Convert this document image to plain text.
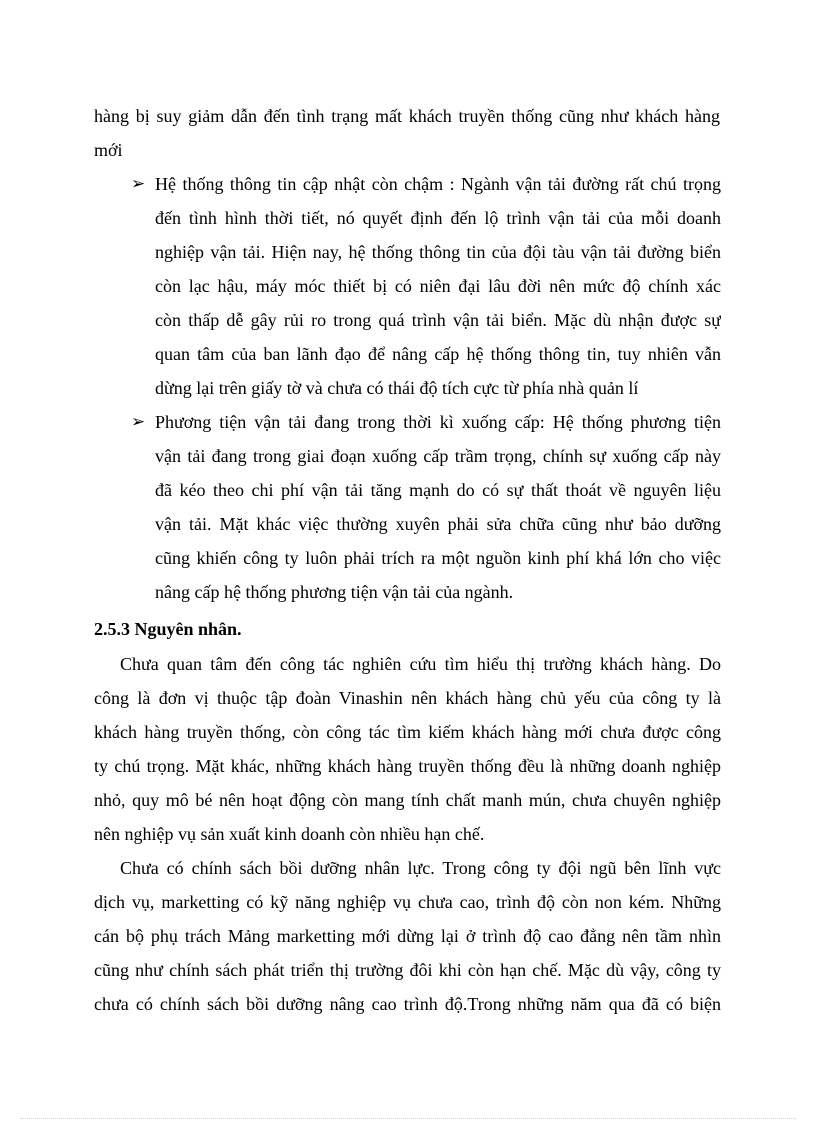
hàng bị suy giảm dẫn đến tình trạng mất khách truyền thống cũng như khách hàng
mới
➢ Hệ thống thông tin cập nhật còn chậm : Ngành vận tải đường rất chú trọng
đến tình hình thời tiết, nó quyết định đến lộ trình vận tải của mỗi doanh
nghiệp vận tải. Hiện nay, hệ thống thông tin của đội tàu vận tải đường biển
còn lạc hậu, máy móc thiết bị có niên đại lâu đời nên mức độ chính xác
còn thấp dễ gây rủi ro trong quá trình vận tải biển. Mặc dù nhận được sự
quan tâm của ban lãnh đạo để nâng cấp hệ thống thông tin, tuy nhiên vẫn
dừng lại trên giấy tờ và chưa có thái độ tích cực từ phía nhà quản lí
➢ Phương tiện vận tải đang trong thời kì xuống cấp: Hệ thống phương tiện
vận tải đang trong giai đoạn xuống cấp trầm trọng, chính sự xuống cấp này
đã kéo theo chi phí vận tải tăng mạnh do có sự thất thoát về nguyên liệu
vận tải. Mặt khác việc thường xuyên phải sửa chữa cũng như bảo dưỡng
cũng khiến công ty luôn phải trích ra một nguồn kinh phí khá lớn cho việc
nâng cấp hệ thống phương tiện vận tải của ngành.
2.5.3 Nguyên nhân.
Chưa quan tâm đến công tác nghiên cứu tìm hiểu thị trường khách hàng. Do
công là đơn vị thuộc tập đoàn Vinashin nên khách hàng chủ yếu của công ty là
khách hàng truyền thống, còn công tác tìm kiếm khách hàng mới chưa được công
ty chú trọng. Mặt khác, những khách hàng truyền thống đều là những doanh nghiệp
nhỏ, quy mô bé nên hoạt động còn mang tính chất manh mún, chưa chuyên nghiệp
nên nghiệp vụ sản xuất kinh doanh còn nhiều hạn chế.
Chưa có chính sách bồi dưỡng nhân lực. Trong công ty đội ngũ bên lĩnh vực
dịch vụ, marketting có kỹ năng nghiệp vụ chưa cao, trình độ còn non kém. Những
cán bộ phụ trách Mảng marketting mới dừng lại ở trình độ cao đẳng nên tầm nhìn
cũng như chính sách phát triển thị trường đôi khi còn hạn chế. Mặc dù vậy, công ty
chưa có chính sách bồi dưỡng nâng cao trình độ.Trong những năm qua đã có biện
